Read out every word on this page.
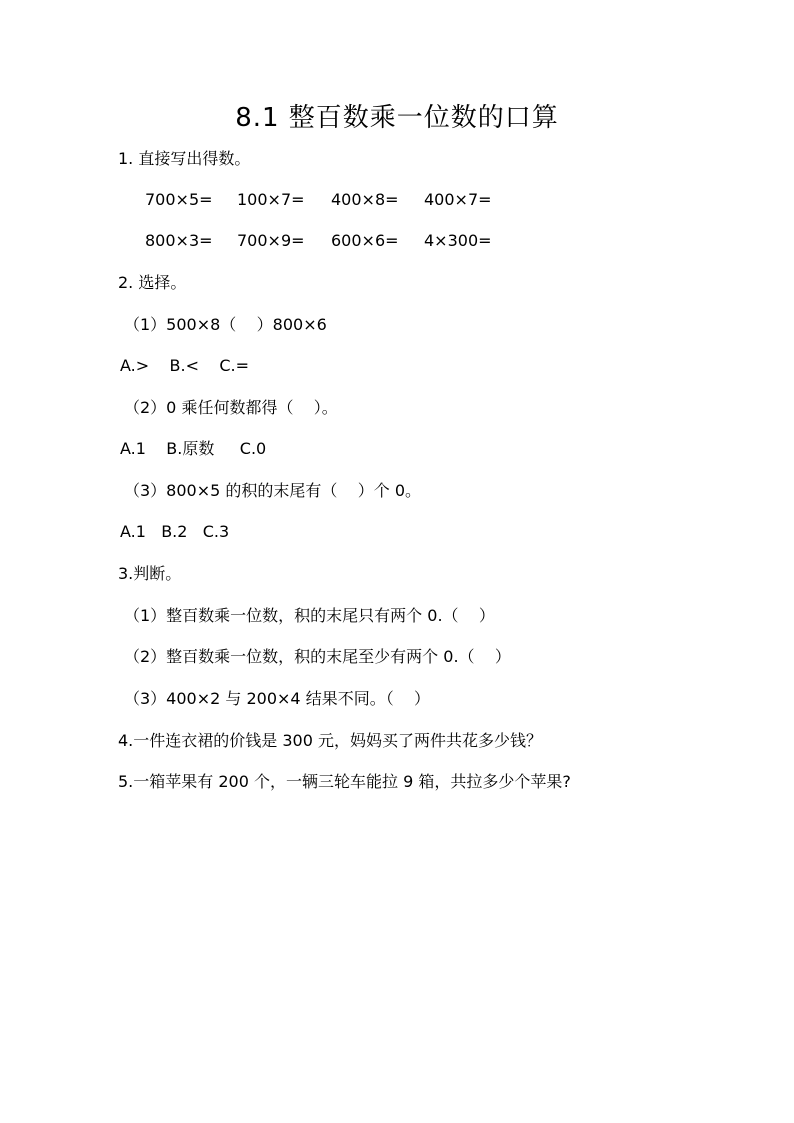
8.1 整百数乘一位数的口算
1. 直接写出得数。

700×5=

100×7=

400×8=

400×7=

800×3=

700×9=

600×6=

4×300=

2. 选择。
（1）500×8（    ）800×6
A.>    B.<    C.=
（2）0 乘任何数都得（    ）。
A.1    B.原数     C.0
（3）800×5 的积的末尾有（    ）个 0。
A.1   B.2   C.3
3.判断。
（1）整百数乘一位数，积的末尾只有两个 0.（    ）
（2）整百数乘一位数，积的末尾至少有两个 0.（    ）
（3）400×2 与 200×4 结果不同。（    ）
4.一件连衣裙的价钱是 300 元，妈妈买了两件共花多少钱？
5.一箱苹果有 200 个，一辆三轮车能拉 9 箱，共拉多少个苹果?
